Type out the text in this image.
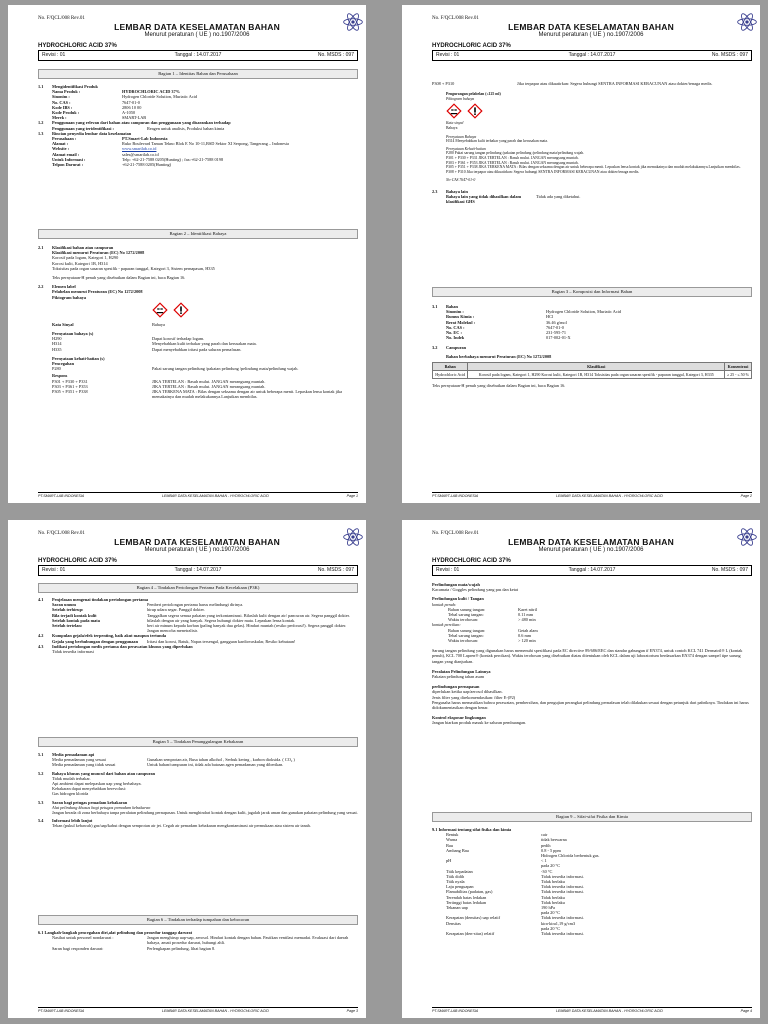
No. F/QCL/008 Rev.01
LEMBAR DATA KESELAMATAN BAHAN
Menurut peraturan ( UE ) no.1907/2006
HYDROCHLORIC ACID 37%
Revisi : 01	Tanggal : 14.07.2017	No. MSDS : 097
Bagian 1 – Identitas Bahan dan Perusahaan
1.1	Mengidentifikasi Produk
Nama Produk :	HYDROCHLORIC ACID 37%
Sinonim :	Hydrogen Chloride Solution, Muriatic Acid
No. CAS :	7647-01-0
Kode IBS :	2806 10 00
Kode Produk :	A-1050
Merek :	SMART-LAB
1.2	Penggunaan yang relevan dari bahan atau campuran dan penggunaan yang disarankan terhadap
Penggunaan yang teridentifikasi :	Reagen untuk analisis, Produksi bahan kimia
1.3	Rincian penyedia lembar data keselamatan
Perusahaan :	PT.Smart-Lab Indonesia
Alamat :	Ruko Boulevard Taman Tekno Blok E No 10-11,BSD Sektor XI Serpong, Tangerang – Indonesia
Website :	www.smartlab.co.id
Alamat email :	sales@smartlab.co.id
Untuk Informasi :	Telp: +62-21-7588 0205(Hunting) ; fax:+62-21-7588 0198
Telpon Darurat :	+62-21-7588 0205(Hunting)
Bagian 2 – Identifikasi Bahaya
2.1	Klasifikasi bahan atau campuran
Klasifikasi menurut Peraturan (EC) No 1272/2008
Korosif pada logam, Kategori 1, H290
Korosi kulit, Kategori 1B, H314
Toksisitas pada organ sasaran spesifik - paparan tunggal, Kategori 3, Sistem pernapasan, H335
Teks pernyataan-H penuh yang disebutkan dalam Bagian ini, baca Bagian 16.
2.2	Elemen label
Pelabelan menurut Peraturan (EC) No 1272/2008
Piktogram bahaya

Kata Sinyal	Bahaya
Pernyataan bahaya (s)
H290	Dapat korosif terhadap logam.
H314	Menyebabkan kulit terbakar yang parah dan kerusakan mata.
H335	Dapat menyebabkan iritasi pada saluran pernafasan.
Pernyataan kehati-hatian (s)
Pencegahan
P280	Pakai sarung tangan pelindung /pakaian pelindung /pelindung mata/pelindung wajah.
Respons
P301 + P330 + P331	JIKA TERTELAN : Basuh mulut. JANGAN merangsang muntah.
P303 + P361 + P353	JIKA TERTELAN : Basuh mulut. JANGAN merangsang muntah.
P305 + P351 + P338	JIKA TERKENA MATA : Bilas dengan seksama dengan air untuk beberapa menit. Lepaskan lensa kontak jika memakainya dan mudah melakukannya.Lanjutkan membilas.
PT.SMART-LAB INDONESIA	LEMBAR DATA KESELAMATAN BAHAN - HYDROCHLORIC ACID	Page 1
No. F/QCL/008 Rev.01
LEMBAR DATA KESELAMATAN BAHAN
Menurut peraturan ( UE ) no.1907/2006
HYDROCHLORIC ACID 37%
Revisi : 01	Tanggal : 14.07.2017	No. MSDS : 097
P308 + P310	Jika terpapar atau dikuatirkan: Segera hubungi SENTRA INFORMASI KERACUNAN atau dokter/tenaga medis.
Pengurangan pelabelan (≤125 ml)
Piktogram bahaya

Kata sinyal
Bahaya
Pernyataan Bahaya
H314 Menyebabkan kulit terbakar yang parah dan kerusakan mata.
Pernyataan Kehati-hatian
P280 Pakai sarung tangan pelindung /pakaian pelindung /pelindung mata/pelindung wajah.
P301 + P330 + P331 JIKA TERTELAN : Basuh mulut. JANGAN merangsang muntah.
P303 + P361 + P353 JIKA TERTELAN : Basuh mulut. JANGAN merangsang muntah.
P305 + P351 + P338 JIKA TERKENA MATA : Bilas dengan seksama dengan air untuk beberapa menit. Lepaskan lensa kontak jika memakainya dan mudah melakukannya.Lanjutkan membilas.
P308 + P310 Jika terpapar atau dikuatirkan: Segera hubungi SENTRA INFORMASI KERACUNAN atau dokter/tenaga medis.
No-CAS 7647-01-0
2.3	Bahaya lain
Bahaya lain yang tidak dihasilkan dalam klasifikasi GHS
Tidak ada yang diketahui.
Bagian 3 – Komposisi dan Informasi Bahan
3.1	Bahan
Sinonim :	Hydrogen Chloride Solution, Muriatic Acid
Rumus Kimia :	HCl
Berat Molekul :	36.46 g/mol
No. CAS :	7647-01-0
No. EC :	231-595-71
No. Indek	017-002-01-X
3.2	Campuran
Bahan berbahaya menurut Peraturan (EC) No 1272/2008
Bahan	Klasifikasi	Konsentrasi
Hydrochloric Acid	Korosif pada logam, Kategori 1, H290 Korosi kulit, Kategori 1B, H314 Toksisitas pada organ sasaran spesifik - paparan tunggal, Kategori 3, H335	≥ 25 - ≤ 50 %
Teks pernyataan-H penuh yang disebutkan dalam Bagian ini, baca Bagian 16.
PT.SMART-LAB INDONESIA	LEMBAR DATA KESELAMATAN BAHAN - HYDROCHLORIC ACID	Page 2
No. F/QCL/008 Rev.01
LEMBAR DATA KESELAMATAN BAHAN
Menurut peraturan ( UE ) no.1907/2006
HYDROCHLORIC ACID 37%
Revisi : 01	Tanggal : 14.07.2017	No. MSDS : 097
Bagian 4 – Tindakan Pertolongan Pertama Pada Kecelakaan (P3K)
4.1	Penjelasan mengenai tindakan pertolongan pertama
Saran umum	Pemberi pertolongan pertama harus melindungi dirinya.
Setelah terhirup:	hirup udara segar. Panggil dokter.
Bila terjadi kontak kulit	Tanggalkan segera semua pakaian yang terkontaminasi. Bilaslah kulit dengan air/ pancuran air. Segera panggil dokter.
Setelah kontak pada mata	bilaslah dengan air yang banyak. Segera hubungi dokter mata. Lepaskan lensa kontak.
Setelah tertelan:	beri air minum kepada korban (paling banyak dua gelas). Hindari muntah (resiko perforasi!). Segera panggil dokter. Jangan mencoba menetralisir.
4.2	Kumpulan gejala/efek terpenting, baik akut maupun tertunda
Gejala yang berhubungan dengan penggunaan	Iritasi dan korosi, Batuk, Napas tersengal, gangguan kardiovaskular, Resiko kebutaan!
4.3	Indikasi pertolongan medis pertama dan perawatan khusus yang diperlukan
Tidak tersedia informasi
Bagian 5 – Tindakan Penanggulangan Kebakaran
5.1	Media pemadaman api
Media pemadaman yang sesuai	Gunakan semprotan air, Busa tahan alkohol , Serbuk kering , karbon dioksida. ( CO₂ )
Media pemadaman yang tidak sesuai	Untuk bahan/campuran ini, tidak ada batasan agen pemadaman yang diberikan.
5.2	Bahaya khusus yang muncul dari bahan atau campuran
Tidak mudah terbakar.
Api ambient dapat melepaskan uap yang berbahaya.
Kebakaran dapat menyebabkan berevolusi:
Gas hidrogen klorida
5.3	Saran bagi petugas pemadam kebakaran
Alat pelindung khusus bagi petugas pemadam kebakaran
Jangan berada di zona berbahaya tanpa peralatan pelindung pernapasan. Untuk menghindari kontak dengan kulit, jagalah jarak aman dan gunakan pakaian pelindung yang sesuai.
5.4	Informasi lebih lanjut
Tekan (pukul kebawah) gas/uap/kabut dengan semprotan air jet. Cegah air pemadam kebakaran mengkontaminasi air permukaan atau sistem air tanah.
Bagian 6 – Tindakan terhadap tumpahan dan kebocoran
6.1 Langkah-langkah pencegahan diri,alat pelindung dan prosedur tanggap darurat
Nasihat untuk personel nondarurat :	Jangan menghirup uap-uap, aerosol. Hindari kontak dengan bahan. Pastikan ventilasi memadai. Evakuasi dari daerah bahaya, amati prosedur darurat, hubungi ahli.
Saran bagi responden darurat:	Perlengkapan pelindung, lihat bagian 8.
PT.SMART-LAB INDONESIA	LEMBAR DATA KESELAMATAN BAHAN - HYDROCHLORIC ACID	Page 3
No. F/QCL/008 Rev.01
LEMBAR DATA KESELAMATAN BAHAN
Menurut peraturan ( UE ) no.1907/2006
HYDROCHLORIC ACID 37%
Revisi : 01	Tanggal : 14.07.2017	No. MSDS : 097
Perlindungan mata/wajah
Kacamata / Goggles pelindung yang pas dan ketat
Perlindungan kulit / Tangan
kontak penuh:
Bahan sarung tangan:	Karet nitril
Tebal sarung tangan:	0.11 mm
Waktu terobosan:	> 480 min
kontak percikan:
Bahan sarung tangan:	Getah alam
Tebal sarung tangan:	0.6 mm
Waktu terobosan:	> 120 min
Sarung tangan pelindung yang digunakan harus memenuhi spesifikasi pada EC directive 89/686/EEC dan standar gabungan if EN374, untuk contoh KCL 741 Dermatril® L (kontak penuh), KCL 700 Lapren® (kontak percikan). Waktu terobosan yang disebutkan diatas ditentukan oleh KCL dalam uji laboratorium berdasarkan EN374 dengan sampel tipe sarung tangan yang dianjurkan.
Peralatan Pelindungan Lainnya
Pakaian pelindung tahan asam
perlindungan pernapasan
diperlukan ketika uap/aerosol dihasilkan.
Jenis filter yang direkomendasikan: filter E-(P2)
Pengusaha harus memastikan bahwa perawatan, pembersihan, dan pengujian perangkat pelindung pernafasan telah dilakukan sesuai dengan petunjuk dari pabriknya. Tindakan ini harus didokumentasikan dengan benar.
Kontrol eksposur lingkungan
Jangan biarkan produk masuk ke saluran pembuangan.
Bagian 9 – Sifat-sifat Fisika dan Kimia
9.1 Informasi tentang sifat fisika dan kimia
Bentuk	cair
Warna	tidak berwarna
Bau	pedih
Ambang Bau	0.8 - 5 ppm
Hidrogen Chlorida berbentuk gas.
pH	< 1
pada 20 °C
Titik kepadatan	-30 °C
Titik didih	Tidak tersedia informasi.
Titik nyala	Tidak berlaku
Laju penguapan	Tidak tersedia informasi.
Flamabilitas (padatan, gas)	Tidak tersedia informasi.
Terendah batas ledakan	Tidak berlaku
Tertinggi batas ledakan	Tidak berlaku
Tekanan uap	190 hPa
pada 20 °C
Kerapatan (densitas) uap relatif	Tidak tersedia informasi.
Densitas	kira-kira1,19 g/cm3
pada 20 °C
Kerapatan (den-sitas) relatif	Tidak tersedia informasi.
PT.SMART-LAB INDONESIA	LEMBAR DATA KESELAMATAN BAHAN - HYDROCHLORIC ACID	Page 4
